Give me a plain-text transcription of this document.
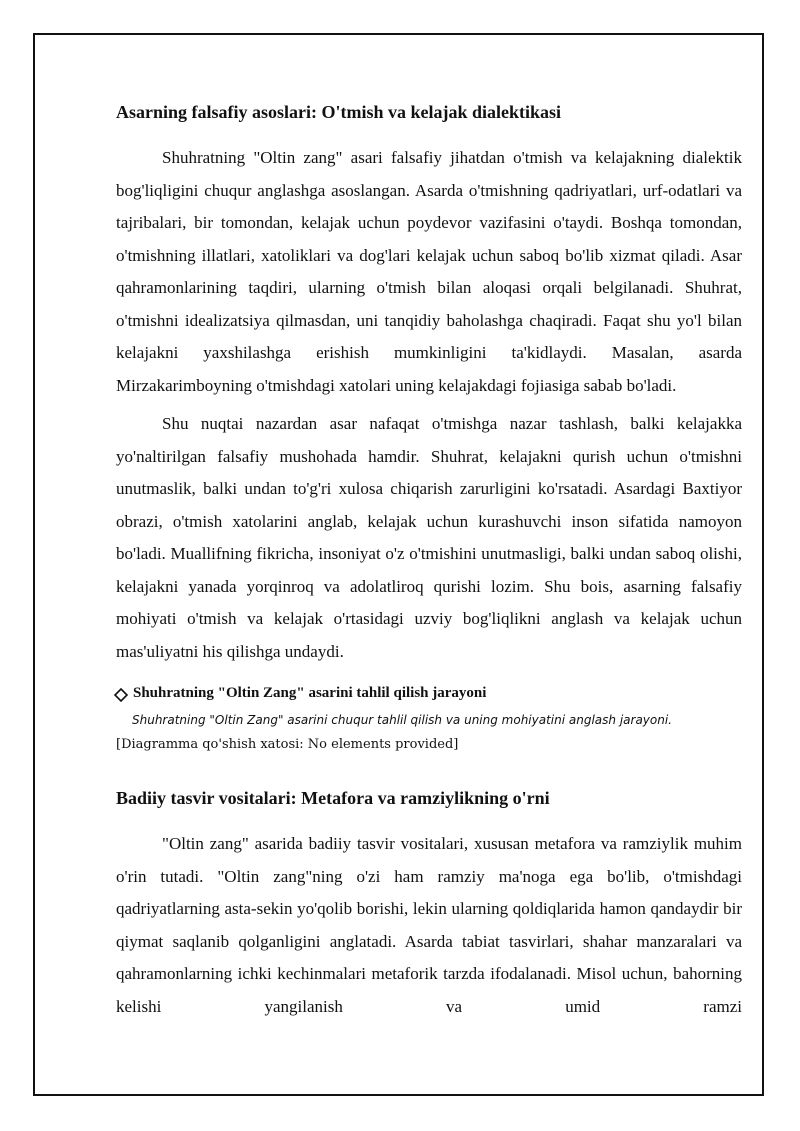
Asarning falsafiy asoslari: O'tmish va kelajak dialektikasi

Shuhratning "Oltin zang" asari falsafiy jihatdan o'tmish va kelajakning dialektik bog'liqligini chuqur anglashga asoslangan. Asarda o'tmishning qadriyatlari, urf-odatlari va tajribalari, bir tomondan, kelajak uchun poydevor vazifasini o'taydi. Boshqa tomondan, o'tmishning illatlari, xatoliklari va dog'lari kelajak uchun saboq bo'lib xizmat qiladi. Asar qahramonlarining taqdiri, ularning o'tmish bilan aloqasi orqali belgilanadi. Shuhrat, o'tmishni idealizatsiya qilmasdan, uni tanqidiy baholashga chaqiradi. Faqat shu yo'l bilan kelajakni yaxshilashga erishish mumkinligini ta'kidlaydi. Masalan, asarda Mirzakarimboyning o'tmishdagi xatolari uning kelajakdagi fojiasiga sabab bo'ladi.

Shu nuqtai nazardan asar nafaqat o'tmishga nazar tashlash, balki kelajakka yo'naltirilgan falsafiy mushohada hamdir. Shuhrat, kelajakni qurish uchun o'tmishni unutmaslik, balki undan to'g'ri xulosa chiqarish zarurligini ko'rsatadi. Asardagi Baxtiyor obrazi, o'tmish xatolarini anglab, kelajak uchun kurashuvchi inson sifatida namoyon bo'ladi. Muallifning fikricha, insoniyat o'z o'tmishini unutmasligi, balki undan saboq olishi, kelajakni yanada yorqinroq va adolatliroq qurishi lozim. Shu bois, asarning falsafiy mohiyati o'tmish va kelajak o'rtasidagi uzviy bog'liqlikni anglash va kelajak uchun mas'uliyatni his qilishga undaydi.

Shuhratning "Oltin Zang" asarini tahlil qilish jarayoni
Shuhratning "Oltin Zang" asarini chuqur tahlil qilish va uning mohiyatini anglash jarayoni.
[Diagramma qo'shish xatosi: No elements provided]
Badiiy tasvir vositalari: Metafora va ramziylikning o'rni

"Oltin zang" asarida badiiy tasvir vositalari, xususan metafora va ramziylik muhim o'rin tutadi. "Oltin zang"ning o'zi ham ramziy ma'noga ega bo'lib, o'tmishdagi qadriyatlarning asta-sekin yo'qolib borishi, lekin ularning qoldiqlarida hamon qandaydir bir qiymat saqlanib qolganligini anglatadi. Asarda tabiat tasvirlari, shahar manzaralari va qahramonlarning ichki kechinmalari metaforik tarzda ifodalanadi. Misol uchun, bahorning kelishi yangilanish va umid ramzi
